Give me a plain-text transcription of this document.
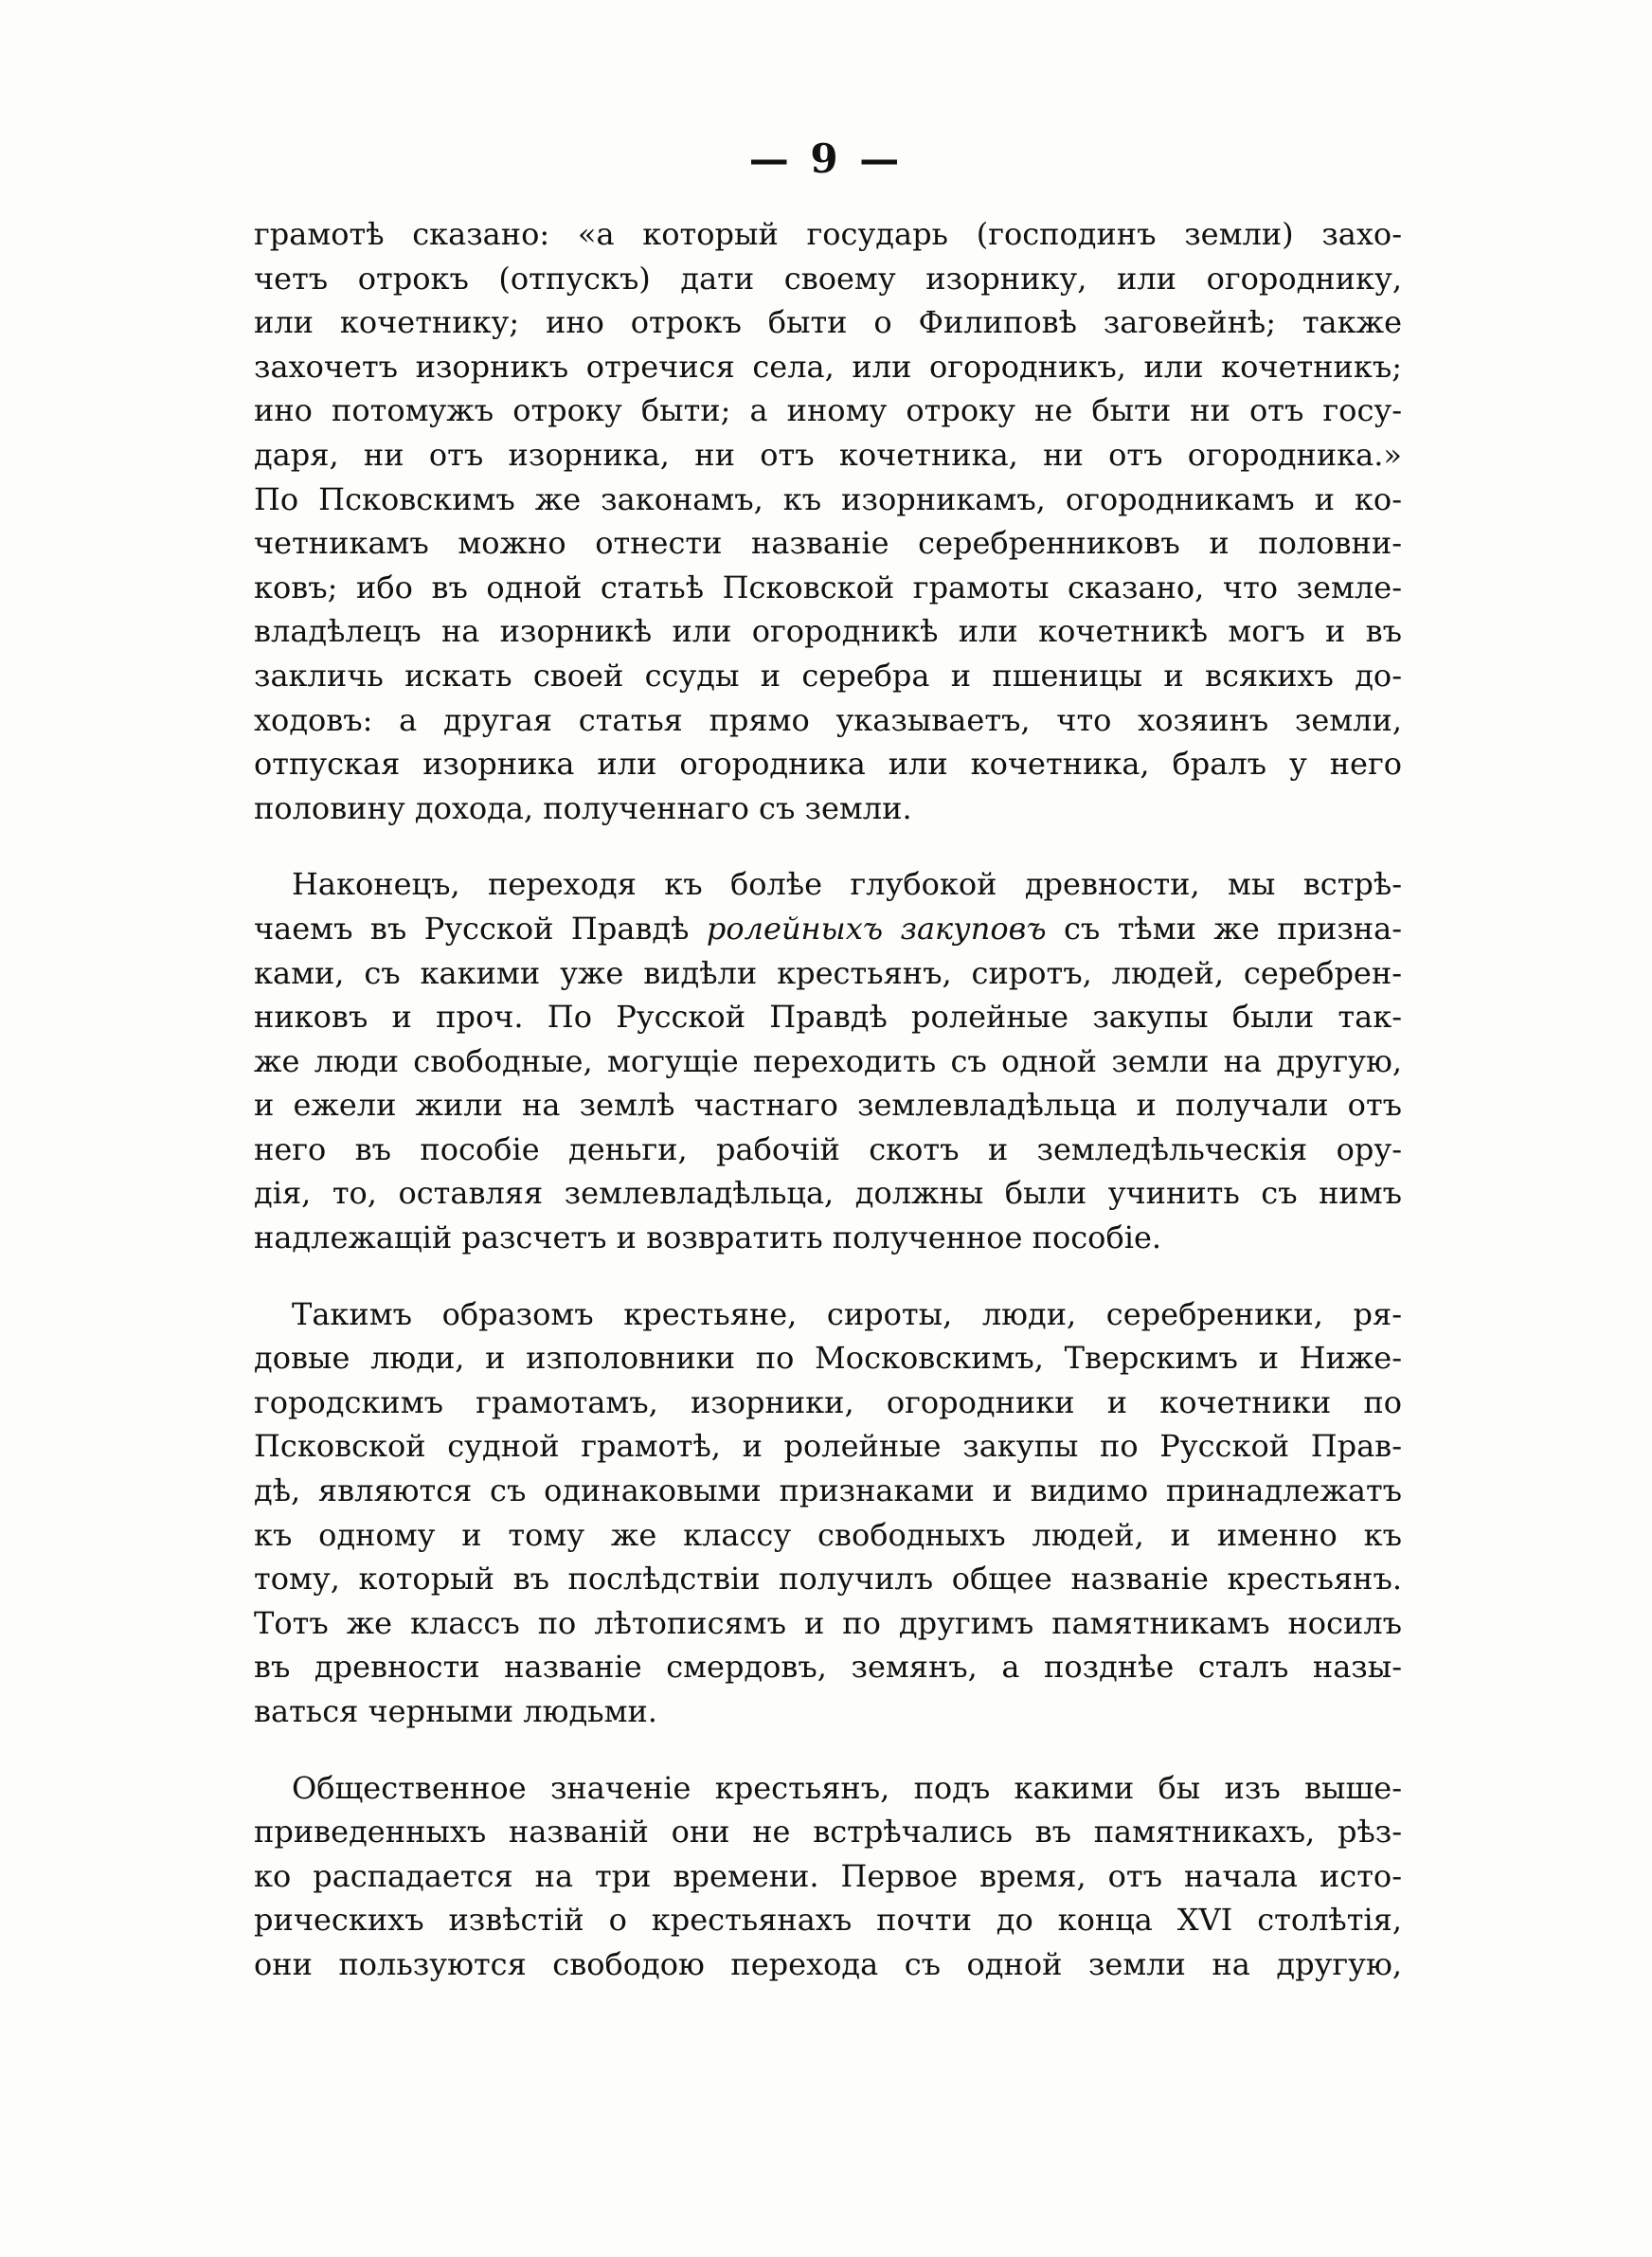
— 9 —

грамотѣ сказано: «а который государь (господинъ земли) захо-
четъ отрокъ (отпускъ) дати своему изорнику, или огороднику,
или кочетнику; ино отрокъ быти о Филиповѣ заговейнѣ; также
захочетъ изорникъ отречися села, или огородникъ, или кочетникъ;
ино потомужъ отроку быти; а иному отроку не быти ни отъ госу-
даря, ни отъ изорника, ни отъ кочетника, ни отъ огородника.»
По Псковскимъ же законамъ, къ изорникамъ, огородникамъ и ко-
четникамъ можно отнести названіе серебренниковъ и половни-
ковъ; ибо въ одной статьѣ Псковской грамоты сказано, что земле-
владѣлецъ на изорникѣ или огородникѣ или кочетникѣ могъ и въ
закличь искать своей ссуды и серебра и пшеницы и всякихъ до-
ходовъ: а другая статья прямо указываетъ, что хозяинъ земли,
отпуская изорника или огородника или кочетника, бралъ у него
половину дохода, полученнаго съ земли.

Наконецъ, переходя къ болѣе глубокой древности, мы встрѣ-
чаемъ въ Русской Правдѣ ролейныхъ закуповъ съ тѣми же призна-
ками, съ какими уже видѣли крестьянъ, сиротъ, людей, серебрен-
никовъ и проч. По Русской Правдѣ ролейные закупы были так-
же люди свободные, могущіе переходить съ одной земли на другую,
и ежели жили на землѣ частнаго землевладѣльца и получали отъ
него въ пособіе деньги, рабочій скотъ и земледѣльческія ору-
дія, то, оставляя землевладѣльца, должны были учинить съ нимъ
надлежащій разсчетъ и возвратить полученное пособіе.

Такимъ образомъ крестьяне, сироты, люди, серебреники, ря-
довые люди, и изполовники по Московскимъ, Тверскимъ и Ниже-
городскимъ грамотамъ, изорники, огородники и кочетники по
Псковской судной грамотѣ, и ролейные закупы по Русской Прав-
дѣ, являются съ одинаковыми признаками и видимо принадлежатъ
къ одному и тому же классу свободныхъ людей, и именно къ
тому, который въ послѣдствіи получилъ общее названіе крестьянъ.
Тотъ же классъ по лѣтописямъ и по другимъ памятникамъ носилъ
въ древности названіе смердовъ, земянъ, а позднѣе сталъ назы-
ваться черными людьми.

Общественное значеніе крестьянъ, подъ какими бы изъ выше-
приведенныхъ названій они не встрѣчались въ памятникахъ, рѣз-
ко распадается на три времени. Первое время, отъ начала исто-
рическихъ извѣстій о крестьянахъ почти до конца XVI столѣтія,
они пользуются свободою перехода съ одной земли на другую,
